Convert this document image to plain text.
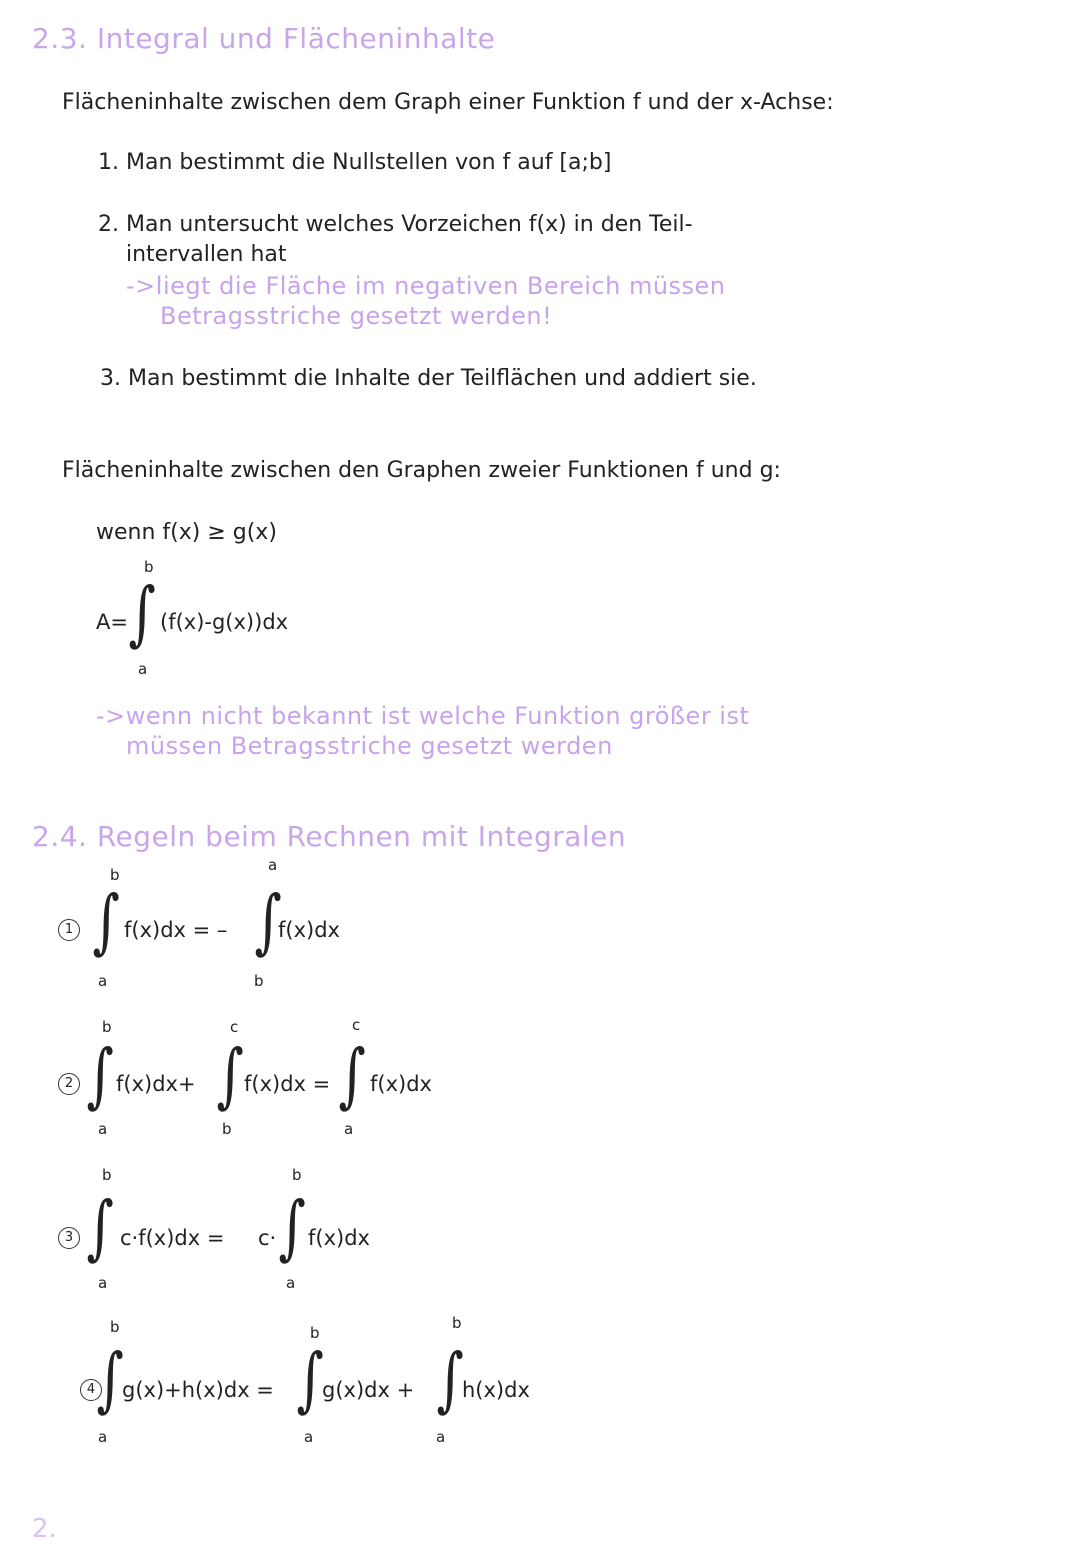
2.3. Integral und Flächeninhalte
Flächeninhalte zwischen dem Graph einer Funktion f und der x-Achse:
1. Man bestimmt die Nullstellen von f auf [a;b]
2. Man untersucht welches Vorzeichen f(x) in den Teil-
intervallen hat
->liegt die Fläche im negativen Bereich müssen
Betragsstriche gesetzt werden!
3. Man bestimmt die Inhalte der Teilflächen und addiert sie.
Flächeninhalte zwischen den Graphen zweier Funktionen f und g:
wenn f(x) ≥ g(x)
A=
b
∫
a
(f(x)-g(x))dx
->wenn nicht bekannt ist welche Funktion größer ist
müssen Betragsstriche gesetzt werden
2.4. Regeln beim Rechnen mit Integralen
1
b
∫
a
f(x)dx = –
a
∫
b
f(x)dx
2
b
∫
a
f(x)dx+
c
∫
b
f(x)dx =
c
∫
a
f(x)dx
3
b
∫
a
c·f(x)dx = c·
b
∫
a
f(x)dx
4
b
∫
a
g(x)+h(x)dx =
b
∫
a
g(x)dx +
b
∫
a
h(x)dx
2.
